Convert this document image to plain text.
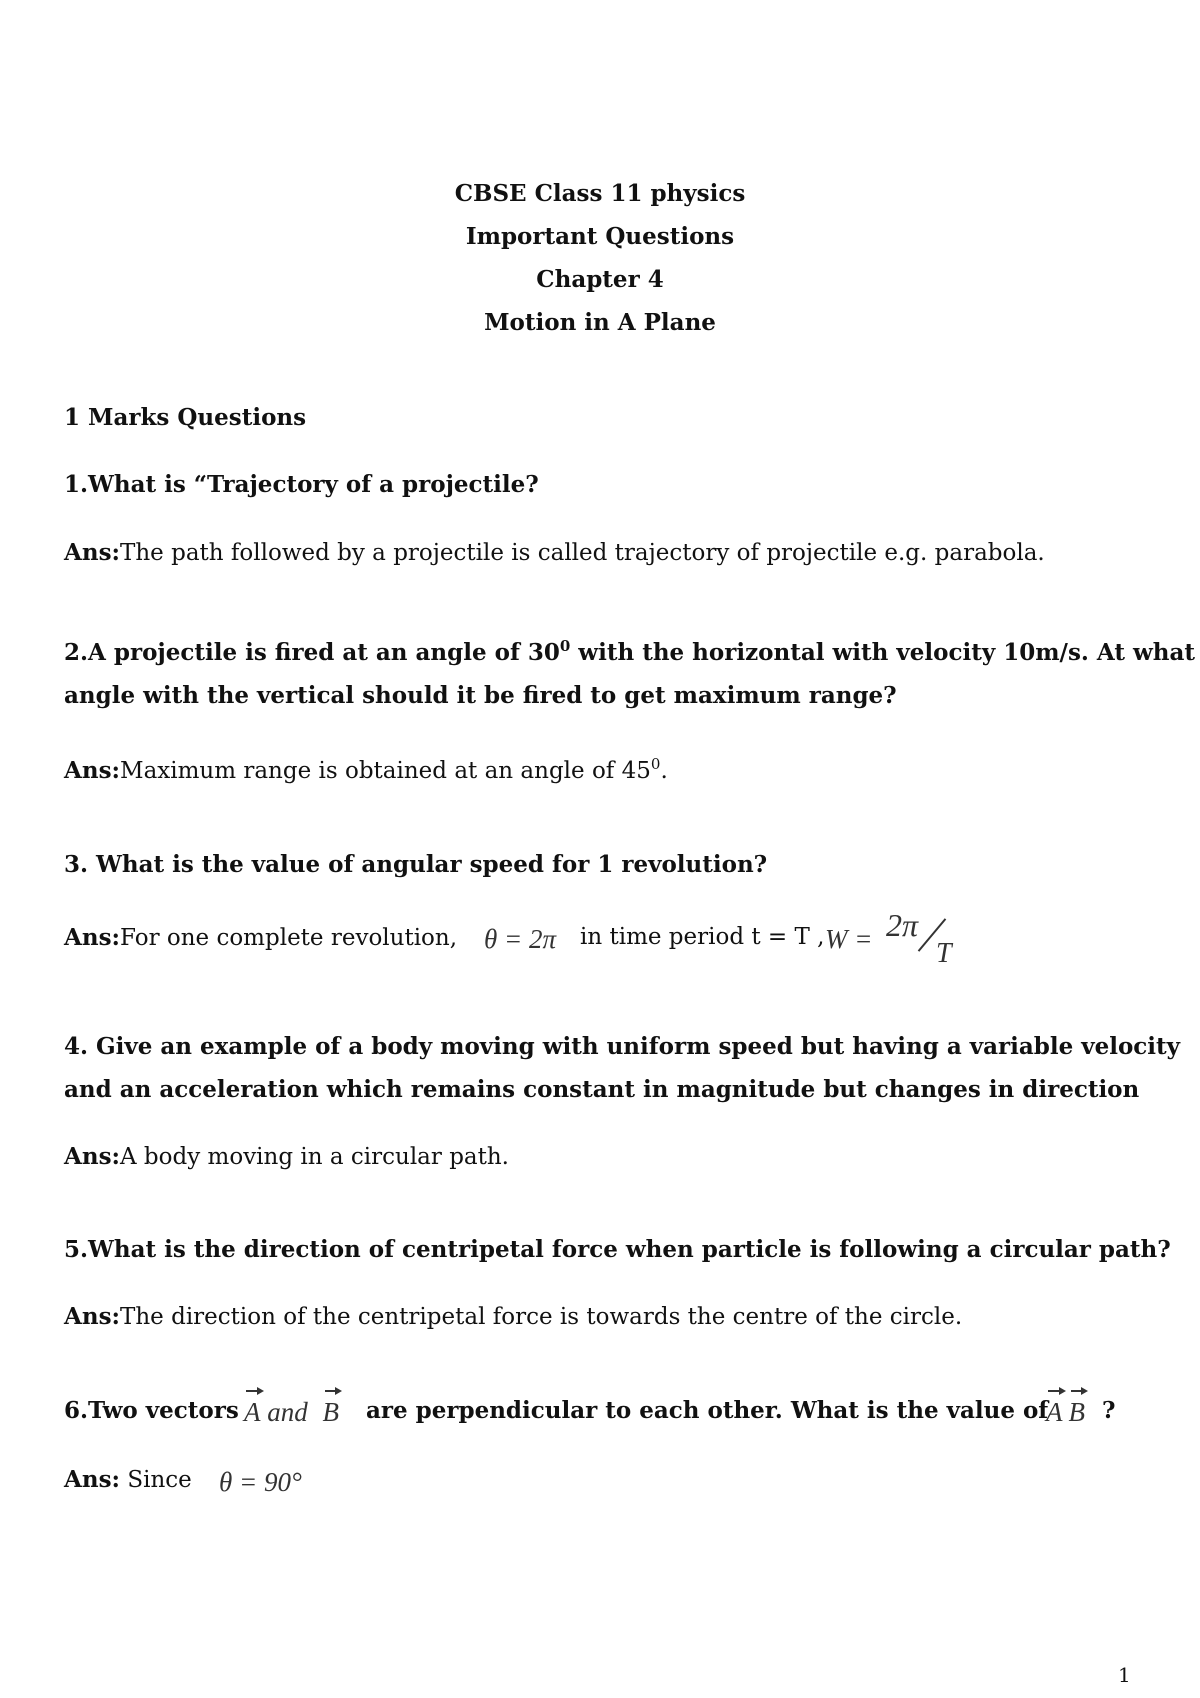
CBSE Class 11 physics
Important Questions
Chapter 4
Motion in A Plane
1 Marks Questions
1.What is “Trajectory of a projectile?
Ans:The path followed by a projectile is called trajectory of projectile e.g. parabola.
2.A projectile is fired at an angle of $30^0$ with the horizontal with velocity 10m/s. At what
angle with the vertical should it be fired to get maximum range?
Ans:Maximum range is obtained at an angle of $45^0$.
3. What is the value of angular speed for 1 revolution?
Ans:For one complete revolution, θ = 2π in time period t = T , W = 2π
T
4. Give an example of a body moving with uniform speed but having a variable velocity
and an acceleration which remains constant in magnitude but changes in direction
Ans:A body moving in a circular path.
5.What is the direction of centripetal force when particle is following a circular path?
Ans:The direction of the centripetal force is towards the centre of the circle.
6.Two vectors A and B are perpendicular to each other. What is the value of
A B ?
Ans: Since θ = 90°
1
